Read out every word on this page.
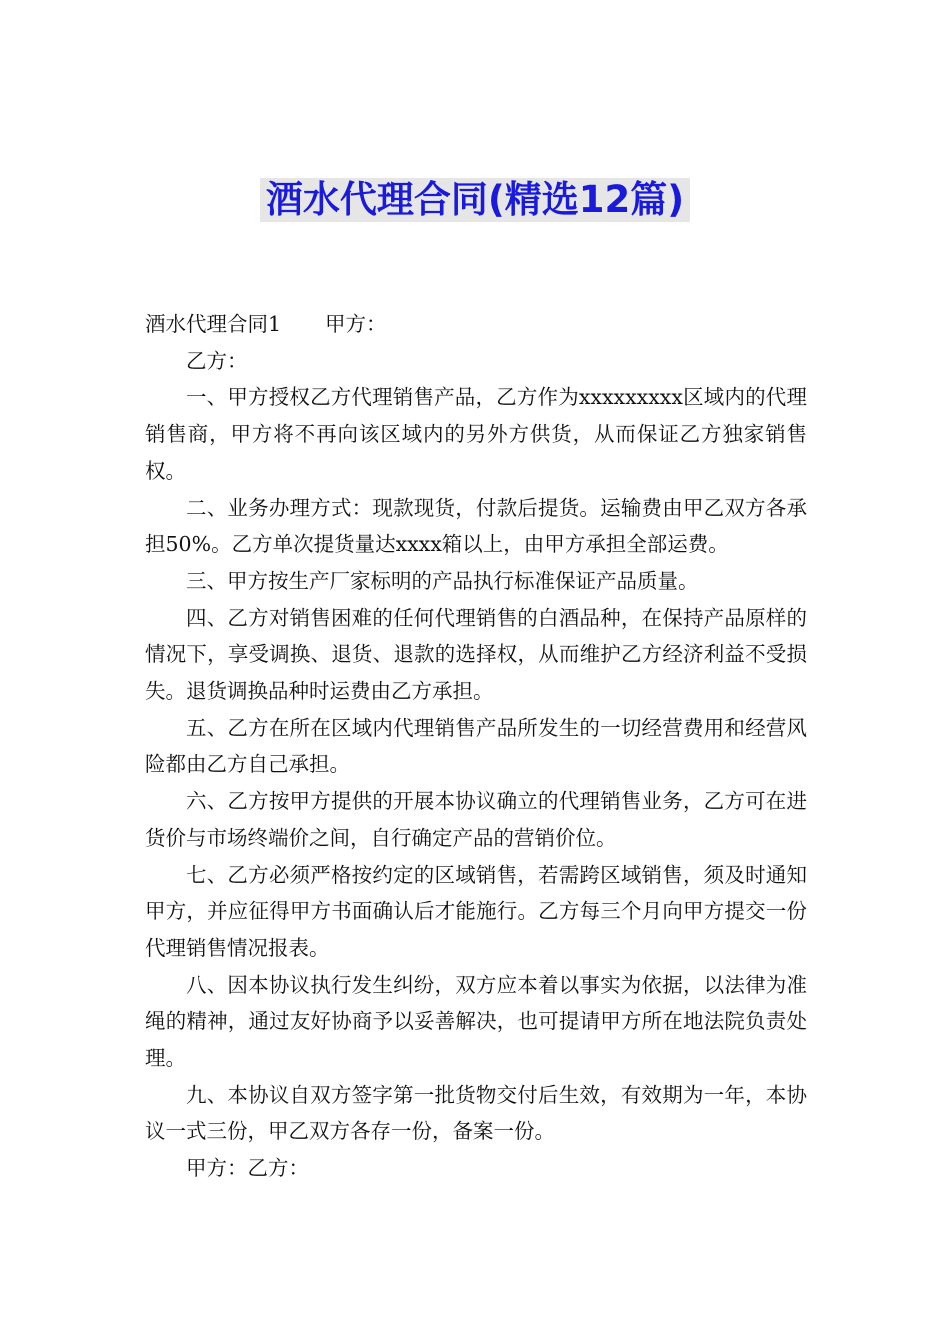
酒水代理合同(精选12篇)

酒水代理合同1 甲方：

乙方：

一、甲方授权乙方代理销售产品，乙方作为xxxxxxxxx区域内的代理销售商，甲方将不再向该区域内的另外方供货，从而保证乙方独家销售权。

二、业务办理方式：现款现货，付款后提货。运输费由甲乙双方各承担50%。乙方单次提货量达xxxx箱以上，由甲方承担全部运费。

三、甲方按生产厂家标明的产品执行标准保证产品质量。

四、乙方对销售困难的任何代理销售的白酒品种，在保持产品原样的情况下，享受调换、退货、退款的选择权，从而维护乙方经济利益不受损失。退货调换品种时运费由乙方承担。

五、乙方在所在区域内代理销售产品所发生的一切经营费用和经营风险都由乙方自己承担。

六、乙方按甲方提供的开展本协议确立的代理销售业务，乙方可在进货价与市场终端价之间，自行确定产品的营销价位。

七、乙方必须严格按约定的区域销售，若需跨区域销售，须及时通知甲方，并应征得甲方书面确认后才能施行。乙方每三个月向甲方提交一份代理销售情况报表。

八、因本协议执行发生纠纷，双方应本着以事实为依据，以法律为准绳的精神，通过友好协商予以妥善解决，也可提请甲方所在地法院负责处理。

九、本协议自双方签字第一批货物交付后生效，有效期为一年，本协议一式三份，甲乙双方各存一份，备案一份。

甲方：乙方：
